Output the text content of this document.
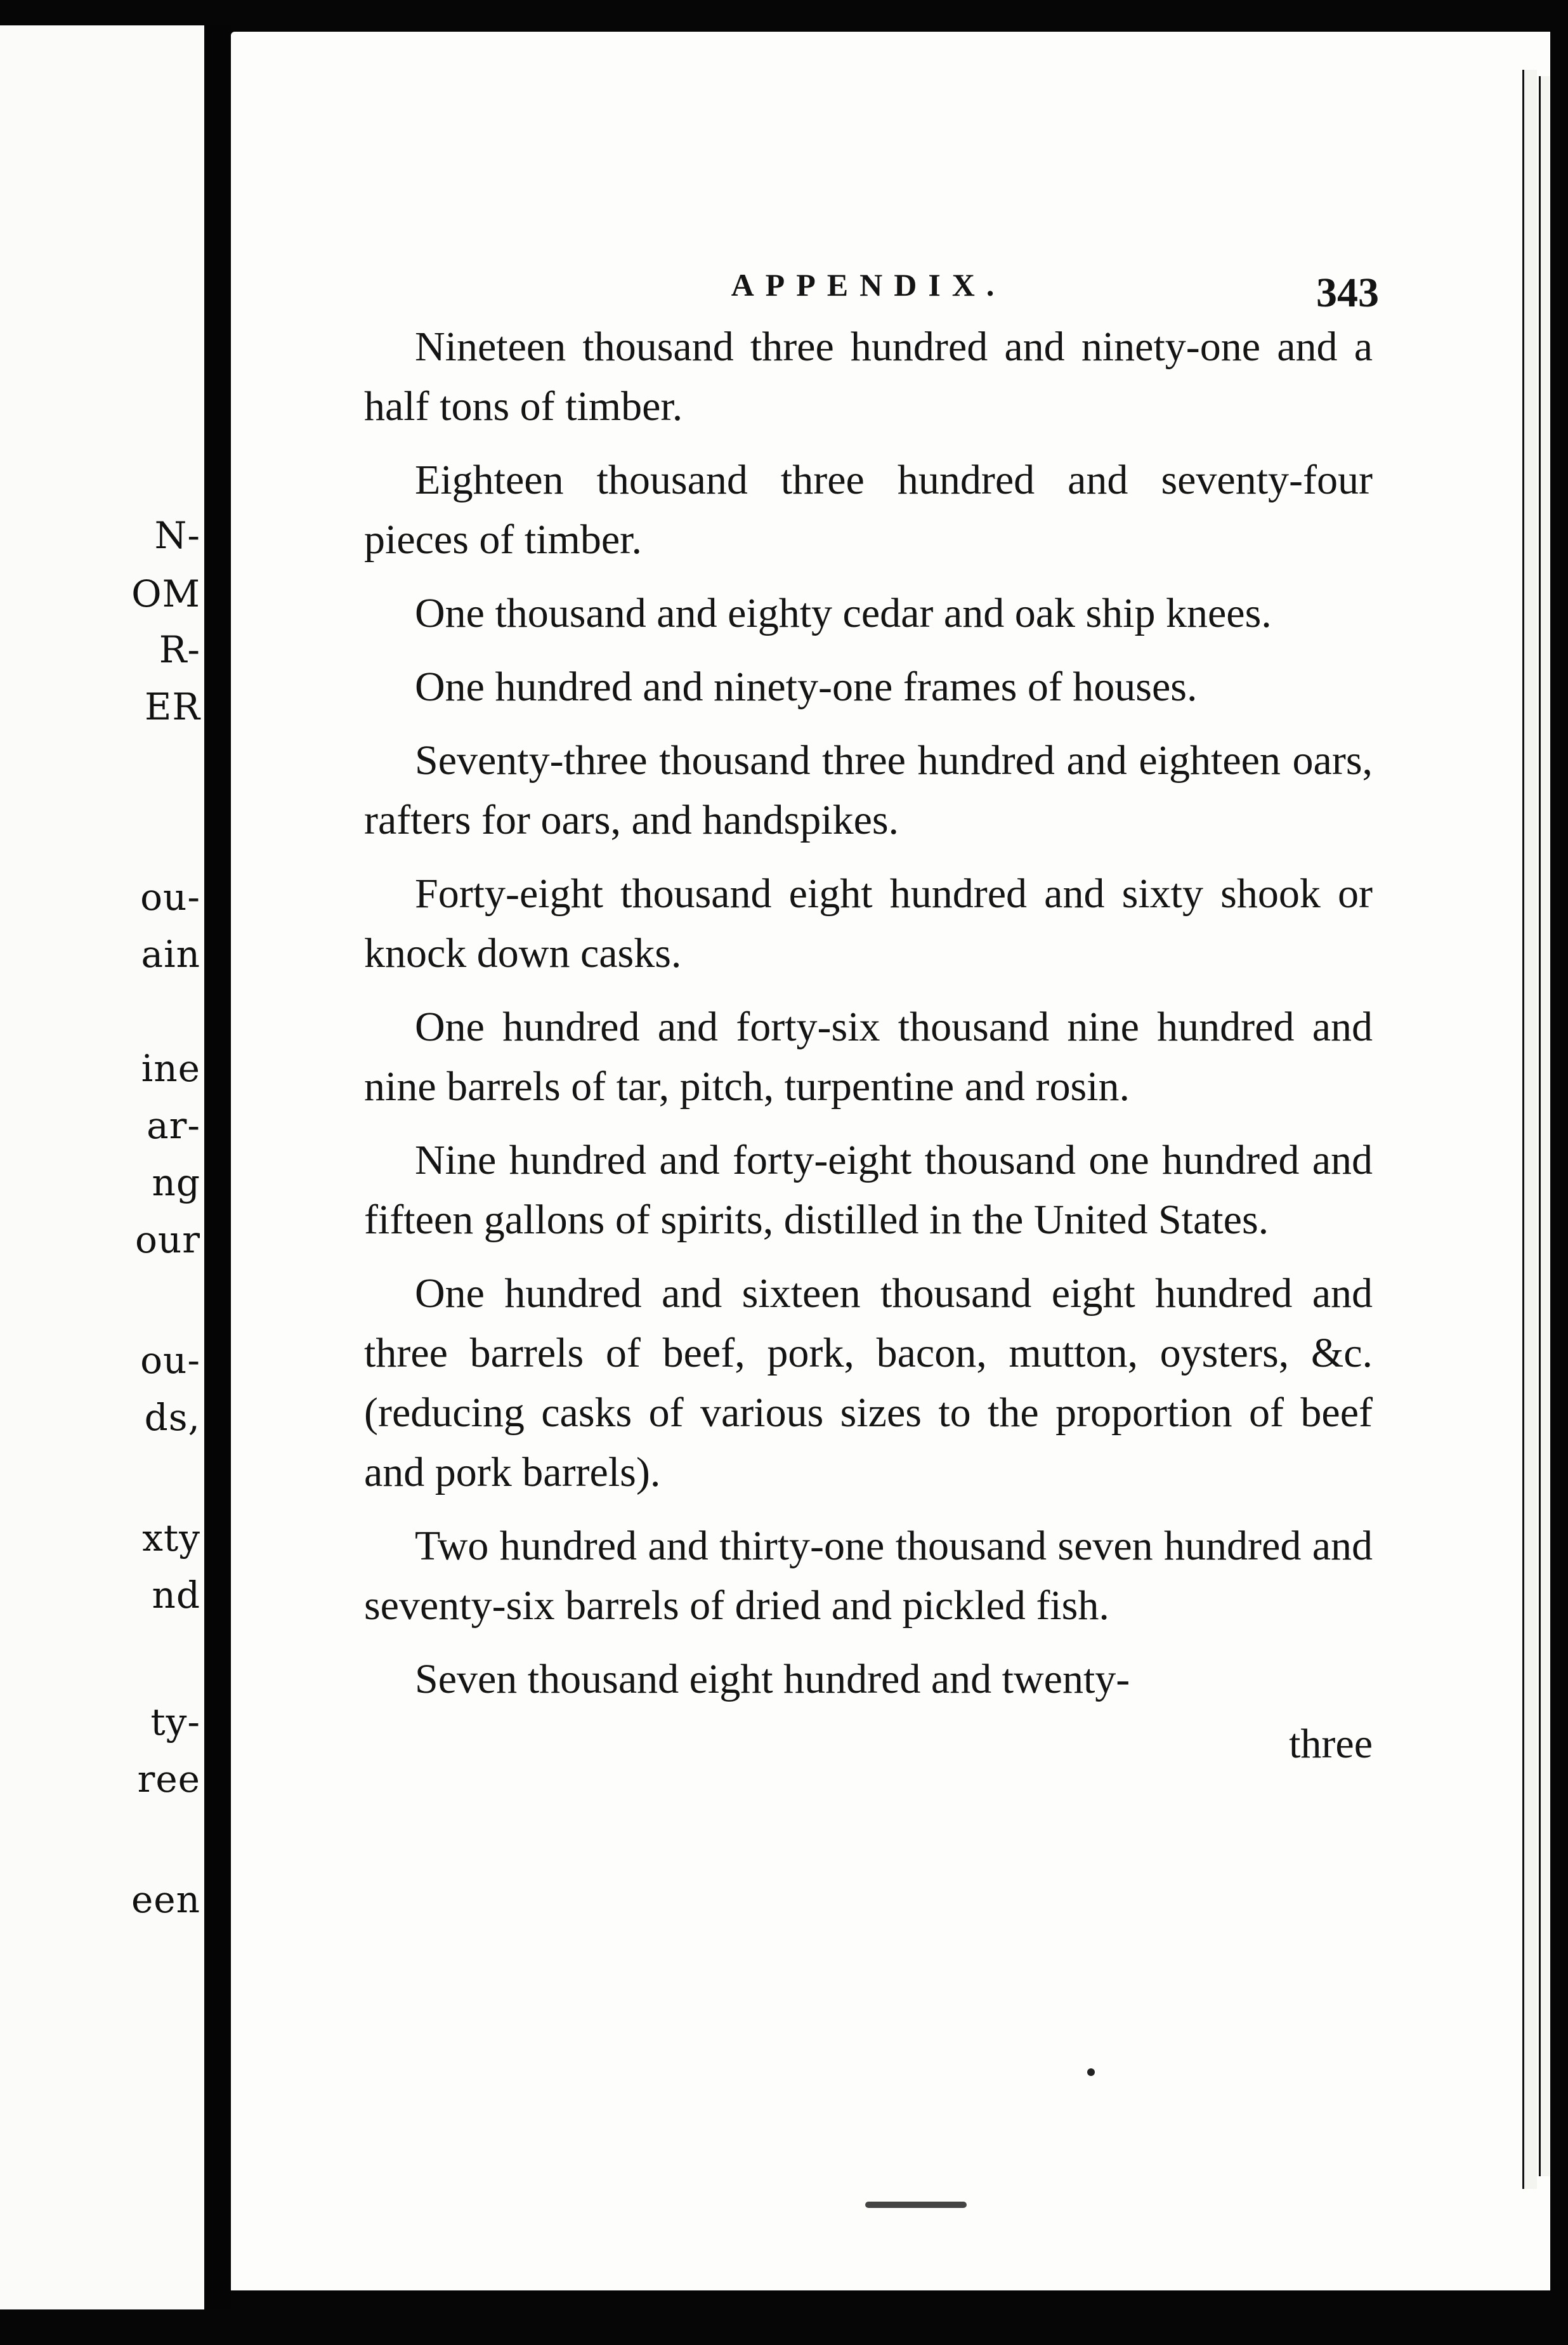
N-
OM
R-
ER
ou-
ain
ine
ar-
ng
our
ou-
ds,
xty
nd
ty-
ree
een
APPENDIX.	343

Nineteen thousand three hundred and ninety-one and a half tons of timber.

Eighteen thousand three hundred and seventy-four pieces of timber.

One thousand and eighty cedar and oak ship knees.

One hundred and ninety-one frames of houses.

Seventy-three thousand three hundred and eighteen oars, rafters for oars, and handspikes.

Forty-eight thousand eight hundred and sixty shook or knock down casks.

One hundred and forty-six thousand nine hundred and nine barrels of tar, pitch, turpentine and rosin.

Nine hundred and forty-eight thousand one hundred and fifteen gallons of spirits, distilled in the United States.

One hundred and sixteen thousand eight hundred and three barrels of beef, pork, bacon, mutton, oysters, &c. (reducing casks of various sizes to the proportion of beef and pork barrels).

Two hundred and thirty-one thousand seven hundred and seventy-six barrels of dried and pickled fish.

Seven thousand eight hundred and twenty-

three
